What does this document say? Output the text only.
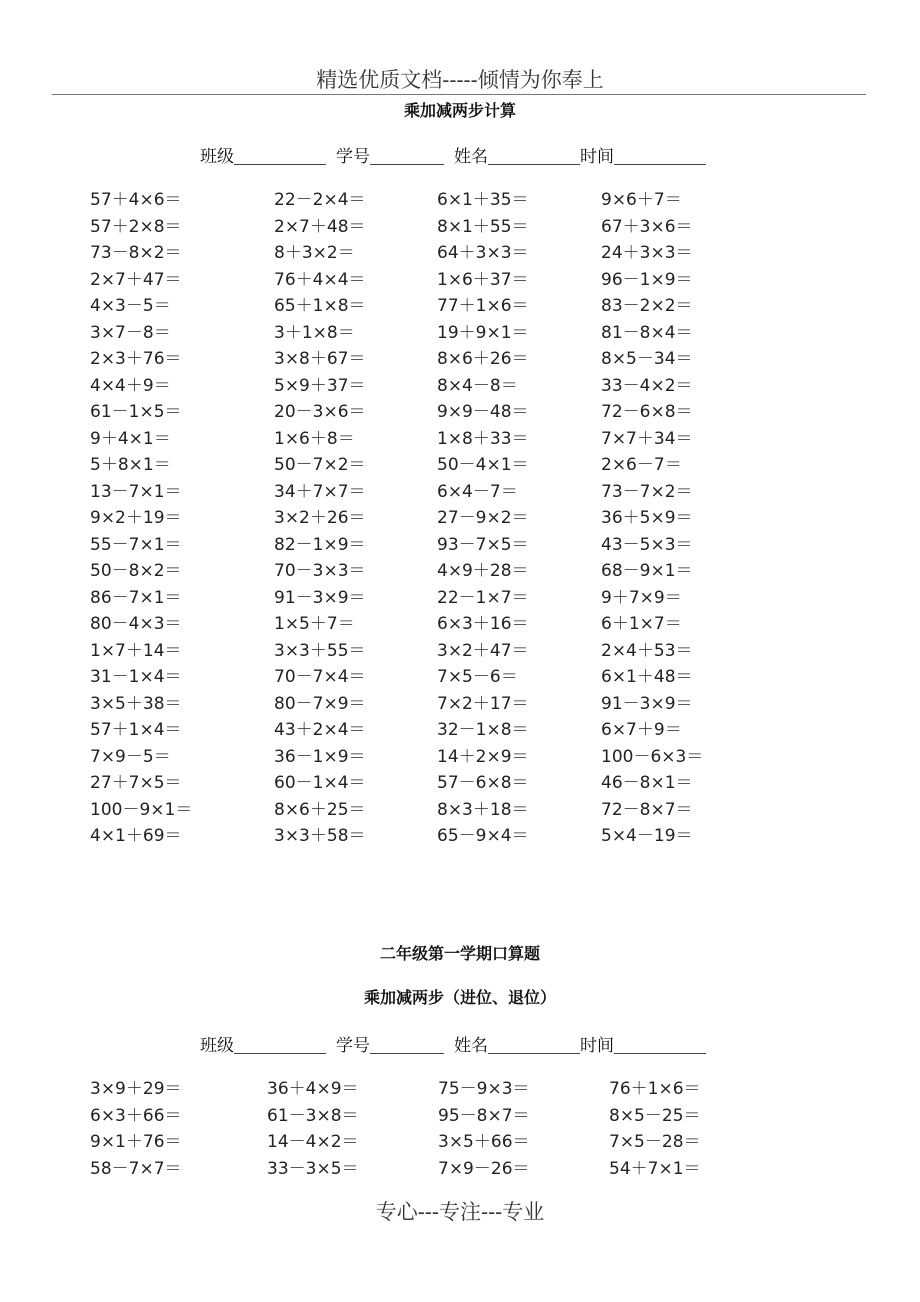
精选优质文档-----倾情为你奉上
乘加减两步计算
班级	学号	姓名	时间
57＋4×6＝	22－2×4＝	6×1＋35＝	9×6＋7＝
57＋2×8＝	2×7＋48＝	8×1＋55＝	67＋3×6＝
73－8×2＝	8＋3×2＝	64＋3×3＝	24＋3×3＝
2×7＋47＝	76＋4×4＝	1×6＋37＝	96－1×9＝
4×3－5＝	65＋1×8＝	77＋1×6＝	83－2×2＝
3×7－8＝	3＋1×8＝	19＋9×1＝	81－8×4＝
2×3＋76＝	3×8＋67＝	8×6＋26＝	8×5－34＝
4×4＋9＝	5×9＋37＝	8×4－8＝	33－4×2＝
61－1×5＝	20－3×6＝	9×9－48＝	72－6×8＝
9＋4×1＝	1×6＋8＝	1×8＋33＝	7×7＋34＝
5＋8×1＝	50－7×2＝	50－4×1＝	2×6－7＝
13－7×1＝	34＋7×7＝	6×4－7＝	73－7×2＝
9×2＋19＝	3×2＋26＝	27－9×2＝	36＋5×9＝
55－7×1＝	82－1×9＝	93－7×5＝	43－5×3＝
50－8×2＝	70－3×3＝	4×9＋28＝	68－9×1＝
86－7×1＝	91－3×9＝	22－1×7＝	9＋7×9＝
80－4×3＝	1×5＋7＝	6×3＋16＝	6＋1×7＝
1×7＋14＝	3×3＋55＝	3×2＋47＝	2×4＋53＝
31－1×4＝	70－7×4＝	7×5－6＝	6×1＋48＝
3×5＋38＝	80－7×9＝	7×2＋17＝	91－3×9＝
57＋1×4＝	43＋2×4＝	32－1×8＝	6×7＋9＝
7×9－5＝	36－1×9＝	14＋2×9＝	100－6×3＝
27＋7×5＝	60－1×4＝	57－6×8＝	46－8×1＝
100－9×1＝	8×6＋25＝	8×3＋18＝	72－8×7＝
4×1＋69＝	3×3＋58＝	65－9×4＝	5×4－19＝
二年级第一学期口算题
乘加减两步（进位、退位）
班级	学号	姓名	时间
3×9＋29＝	36＋4×9＝	75－9×3＝	76＋1×6＝
6×3＋66＝	61－3×8＝	95－8×7＝	8×5－25＝
9×1＋76＝	14－4×2＝	3×5＋66＝	7×5－28＝
58－7×7＝	33－3×5＝	7×9－26＝	54＋7×1＝
专心---专注---专业
